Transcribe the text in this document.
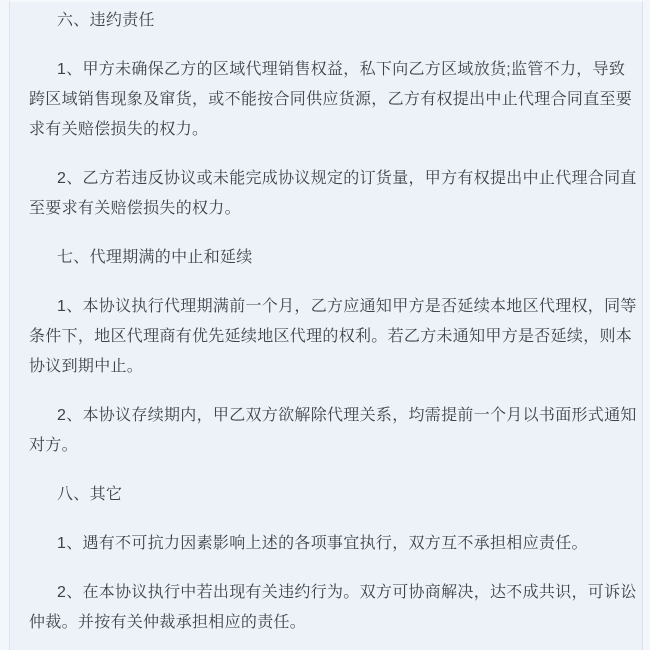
六、违约责任

1、甲方未确保乙方的区域代理销售权益，私下向乙方区域放货;监管不力，导致跨区域销售现象及窜货，或不能按合同供应货源，乙方有权提出中止代理合同直至要求有关赔偿损失的权力。

2、乙方若违反协议或未能完成协议规定的订货量，甲方有权提出中止代理合同直至要求有关赔偿损失的权力。

七、代理期满的中止和延续

1、本协议执行代理期满前一个月，乙方应通知甲方是否延续本地区代理权，同等条件下，地区代理商有优先延续地区代理的权利。若乙方未通知甲方是否延续，则本协议到期中止。

2、本协议存续期内，甲乙双方欲解除代理关系，均需提前一个月以书面形式通知对方。

八、其它

1、遇有不可抗力因素影响上述的各项事宜执行，双方互不承担相应责任。

2、在本协议执行中若出现有关违约行为。双方可协商解决，达不成共识，可诉讼仲裁。并按有关仲裁承担相应的责任。
